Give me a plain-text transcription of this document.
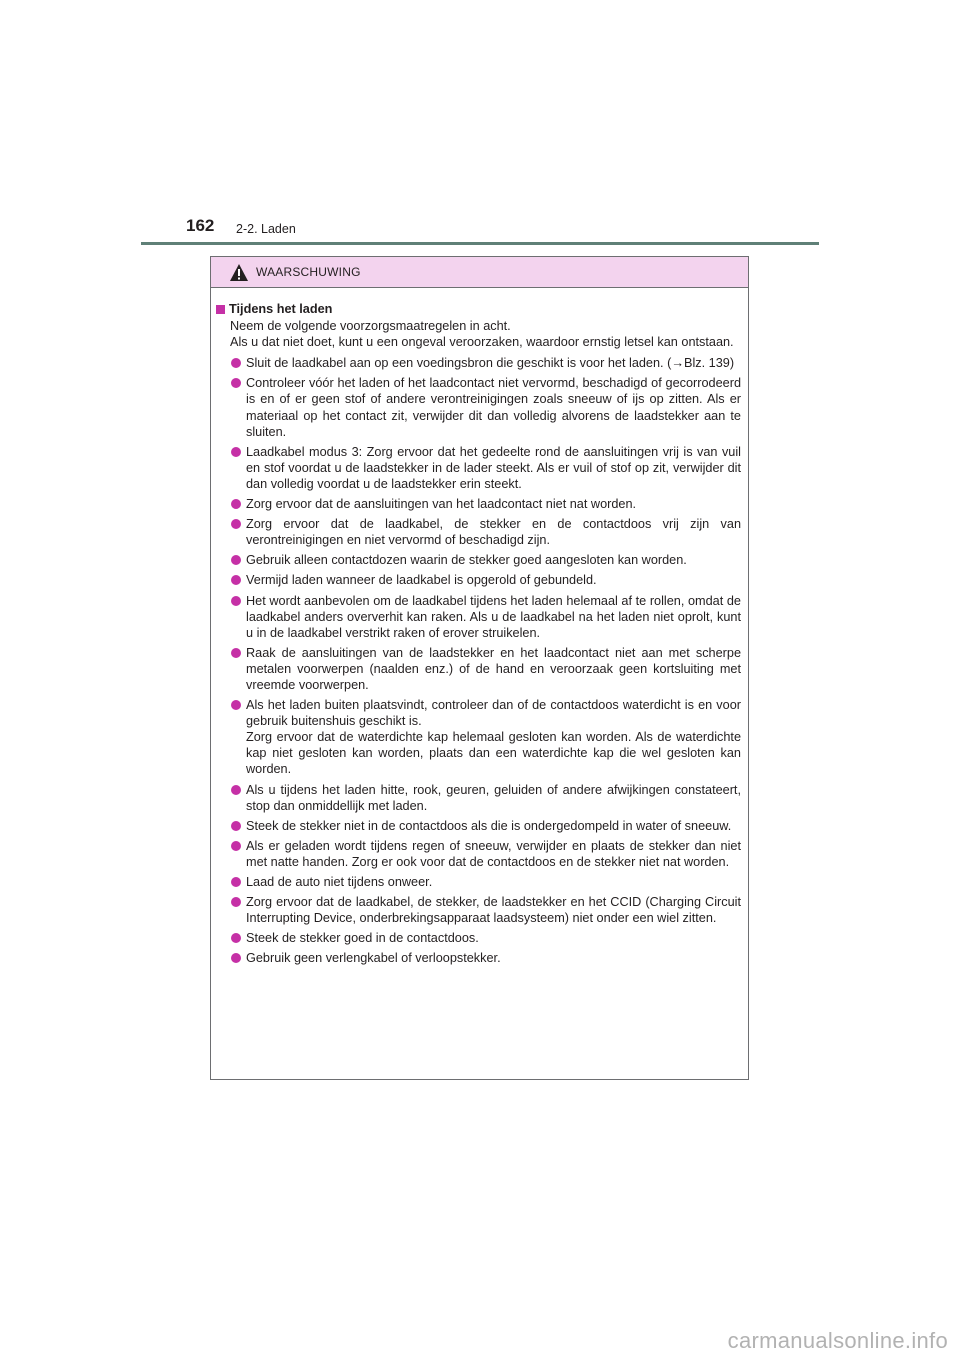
162 2-2. Laden
WAARSCHUWING
Tijdens het laden

Neem de volgende voorzorgsmaatregelen in acht.

Als u dat niet doet, kunt u een ongeval veroorzaken, waardoor ernstig letsel kan ontstaan.

Sluit de laadkabel aan op een voedingsbron die geschikt is voor het laden. (→Blz. 139)
Controleer vóór het laden of het laadcontact niet vervormd, beschadigd of gecorrodeerd is en of er geen stof of andere verontreinigingen zoals sneeuw of ijs op zitten. Als er materiaal op het contact zit, verwijder dit dan volledig alvorens de laadstekker aan te sluiten.
Laadkabel modus 3: Zorg ervoor dat het gedeelte rond de aansluitingen vrij is van vuil en stof voordat u de laadstekker in de lader steekt. Als er vuil of stof op zit, verwijder dit dan volledig voordat u de laadstekker erin steekt.
Zorg ervoor dat de aansluitingen van het laadcontact niet nat worden.
Zorg ervoor dat de laadkabel, de stekker en de contactdoos vrij zijn van verontreinigingen en niet vervormd of beschadigd zijn.
Gebruik alleen contactdozen waarin de stekker goed aangesloten kan worden.
Vermijd laden wanneer de laadkabel is opgerold of gebundeld.
Het wordt aanbevolen om de laadkabel tijdens het laden helemaal af te rollen, omdat de laadkabel anders oververhit kan raken. Als u de laadkabel na het laden niet oprolt, kunt u in de laadkabel verstrikt raken of erover struikelen.
Raak de aansluitingen van de laadstekker en het laadcontact niet aan met scherpe metalen voorwerpen (naalden enz.) of de hand en veroorzaak geen kortsluiting met vreemde voorwerpen.
Als het laden buiten plaatsvindt, controleer dan of de contactdoos waterdicht is en voor gebruik buitenshuis geschikt is.
Zorg ervoor dat de waterdichte kap helemaal gesloten kan worden. Als de waterdichte kap niet gesloten kan worden, plaats dan een waterdichte kap die wel gesloten kan worden.
Als u tijdens het laden hitte, rook, geuren, geluiden of andere afwijkingen constateert, stop dan onmiddellijk met laden.
Steek de stekker niet in de contactdoos als die is ondergedompeld in water of sneeuw.
Als er geladen wordt tijdens regen of sneeuw, verwijder en plaats de stekker dan niet met natte handen. Zorg er ook voor dat de contactdoos en de stekker niet nat worden.
Laad de auto niet tijdens onweer.
Zorg ervoor dat de laadkabel, de stekker, de laadstekker en het CCID (Charging Circuit Interrupting Device, onderbrekingsapparaat laadsysteem) niet onder een wiel zitten.
Steek de stekker goed in de contactdoos.
Gebruik geen verlengkabel of verloopstekker.
carmanualsonline.info
